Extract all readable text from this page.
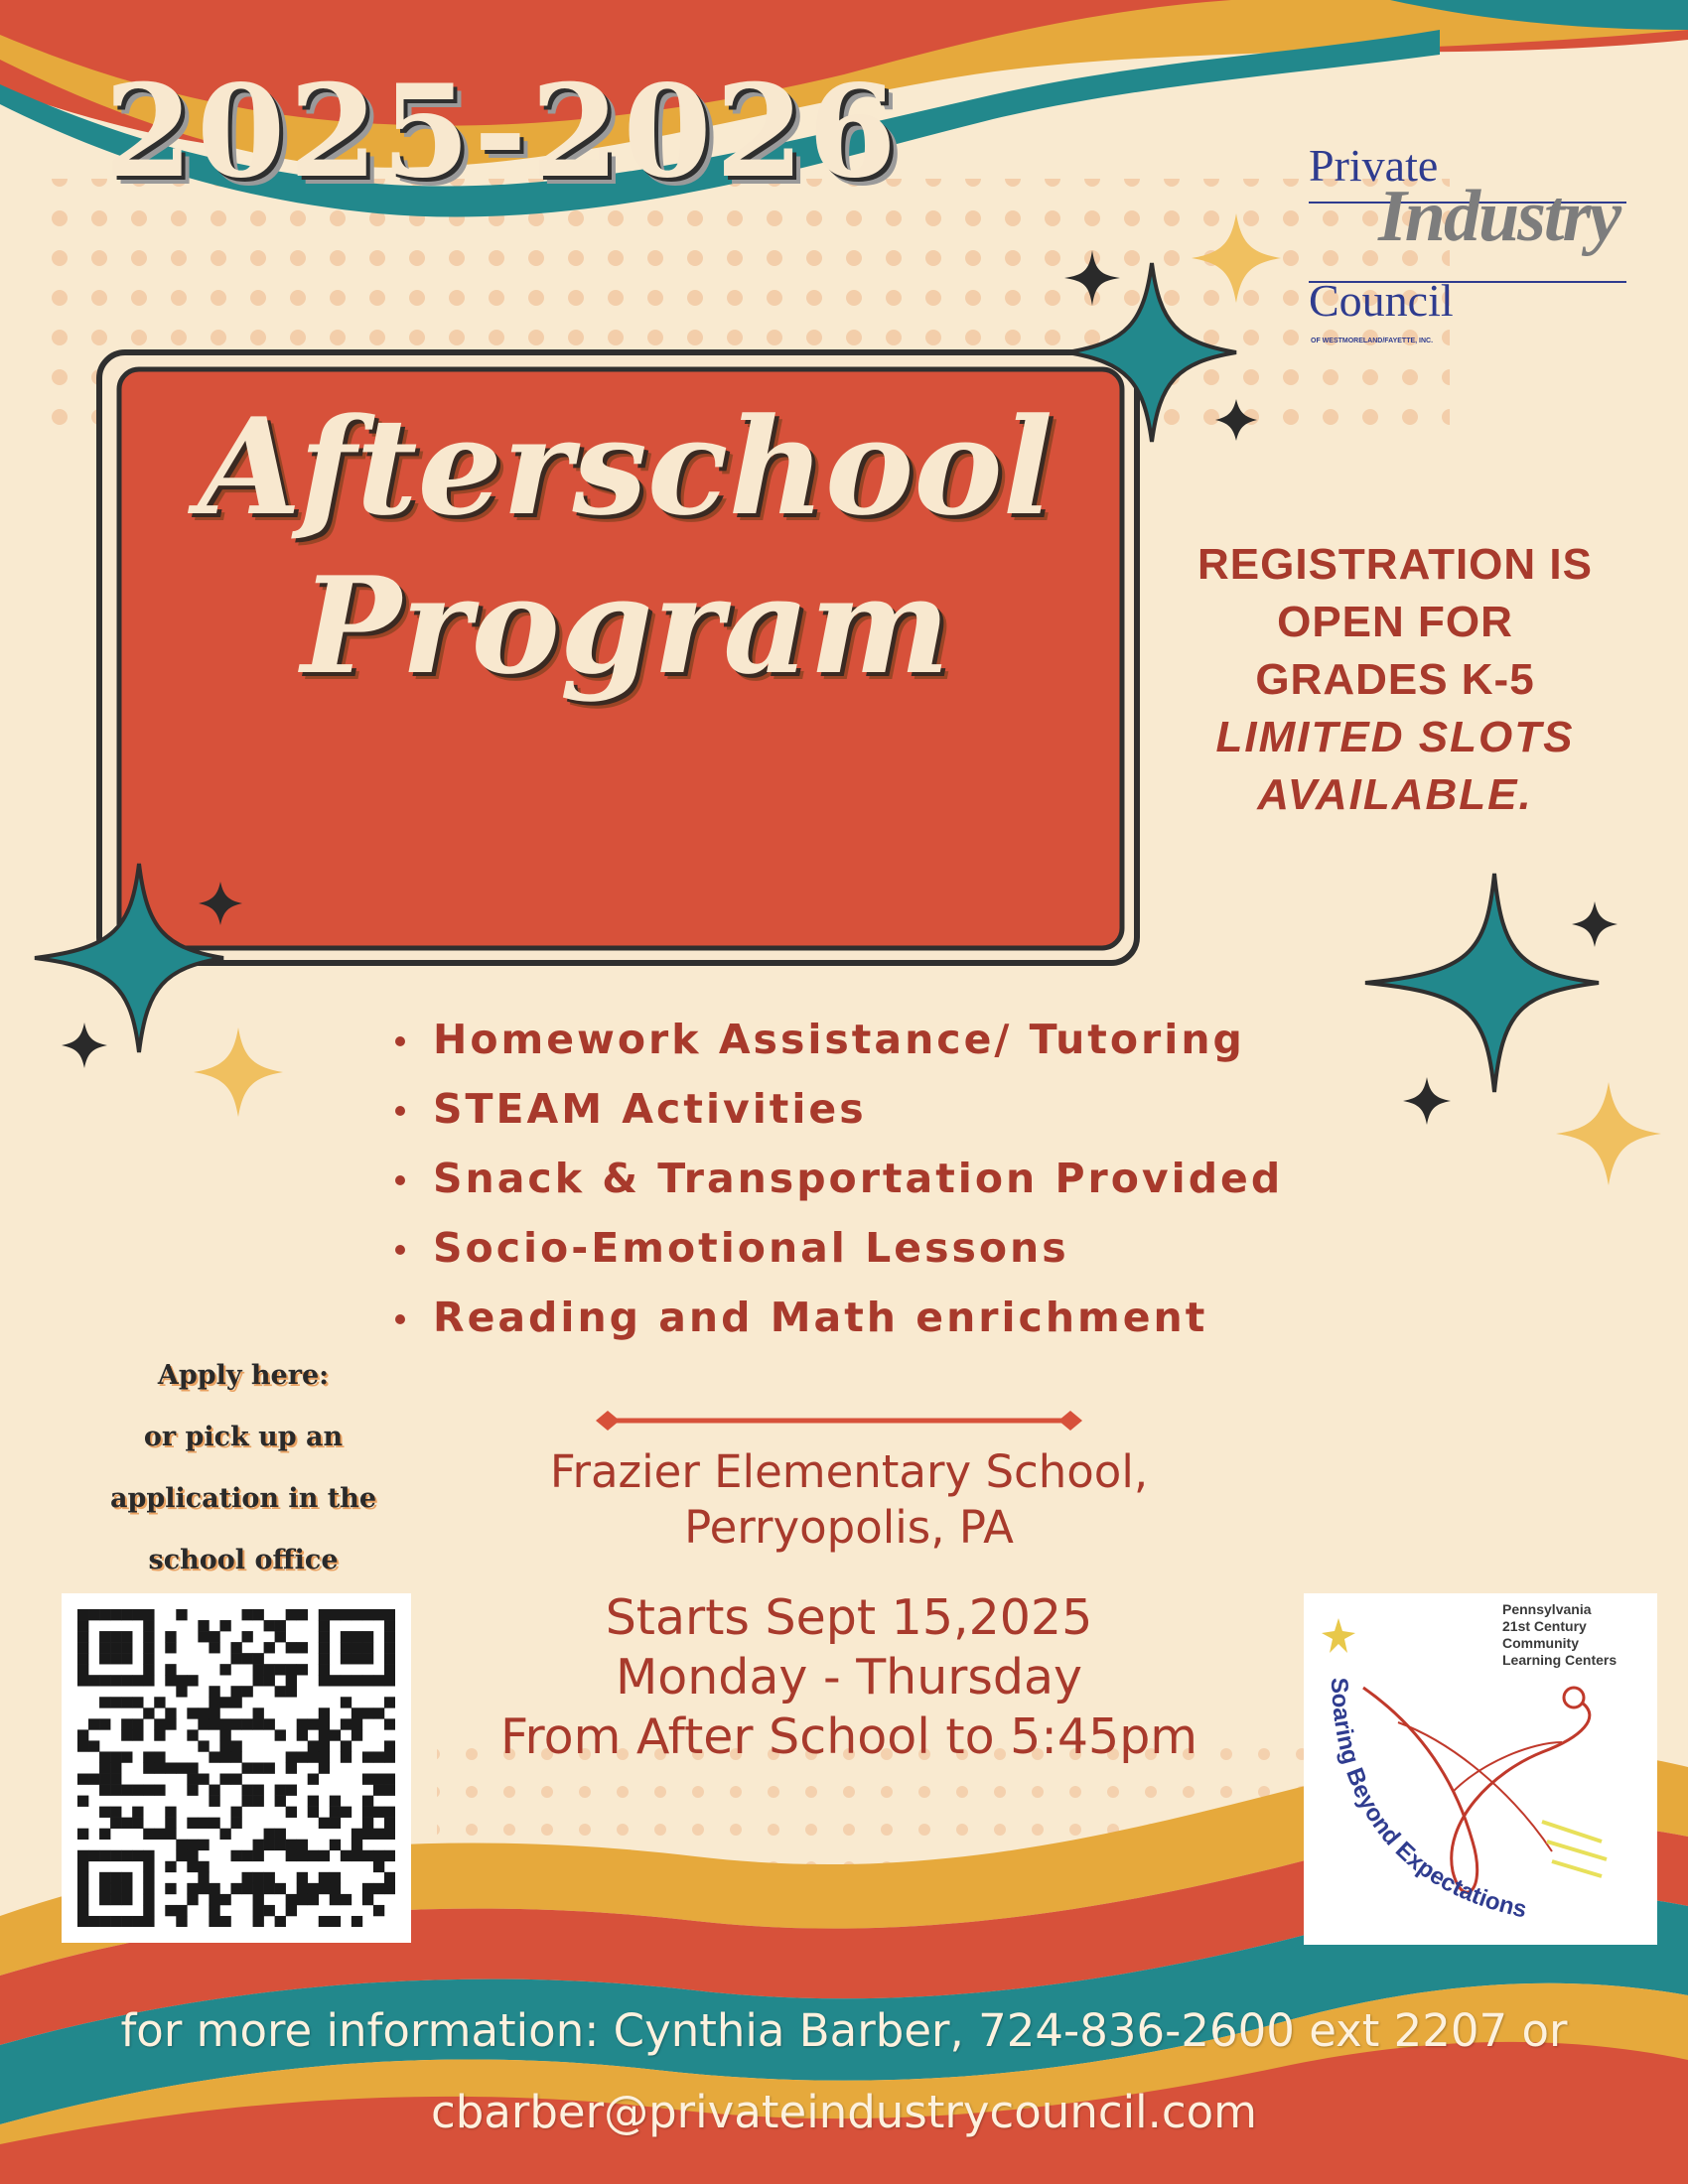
2025-2026	Private
Industry
Council
OF WESTMORELAND/FAYETTE, INC.
Afterschool
Program	REGISTRATION IS
OPEN FOR
GRADES K-5
LIMITED SLOTS
AVAILABLE.
Homework Assistance/ Tutoring
STEAM Activities
Snack & Transportation Provided
Socio-Emotional Lessons
Reading and Math enrichment
Apply here:
or pick up an
application in the
school office
Frazier Elementary School,
Perryopolis, PA
Starts Sept 15,2025
Monday - Thursday
From After School to 5:45pm
Soaring Beyond Expectations
Pennsylvania
21st Century
Community
Learning Centers
for more information: Cynthia Barber, 724-836-2600 ext 2207 or
cbarber@privateindustrycouncil.com
